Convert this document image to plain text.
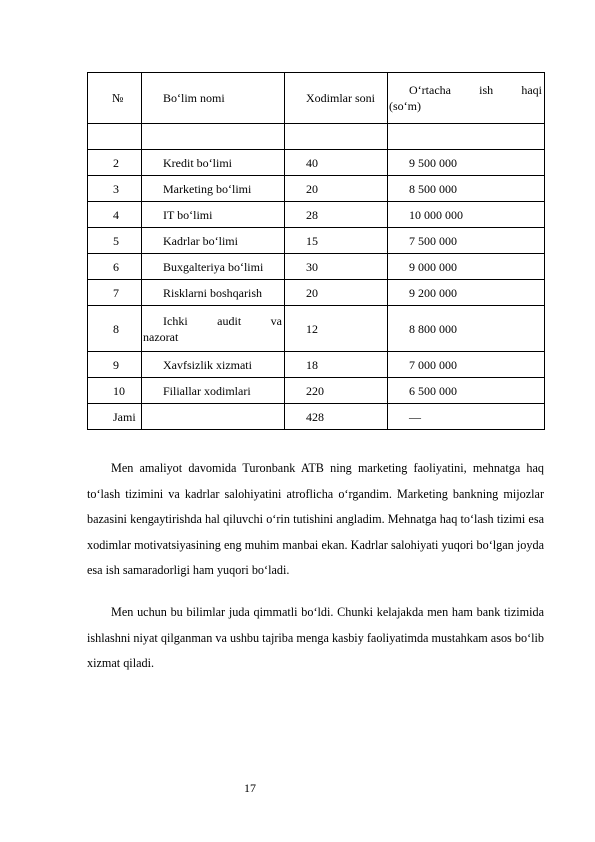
№	Bo‘lim nomi	Xodimlar soni	O‘rtacha ish haqi
(so‘m)

2	Kredit bo‘limi	40	9 500 000
3	Marketing bo‘limi	20	8 500 000
4	IT bo‘limi	28	10 000 000
5	Kadrlar bo‘limi	15	7 500 000
6	Buxgalteriya bo‘limi	30	9 000 000
7	Risklarni boshqarish	20	9 200 000
8	Ichki audit va
nazorat	12	8 800 000
9	Xavfsizlik xizmati	18	7 000 000
10	Filiallar xodimlari	220	6 500 000
Jami		428	—

Men amaliyot davomida Turonbank ATB ning marketing faoliyatini, mehnatga haq to‘lash tizimini va kadrlar salohiyatini atroflicha o‘rgandim. Marketing bankning mijozlar bazasini kengaytirishda hal qiluvchi o‘rin tutishini angladim. Mehnatga haq to‘lash tizimi esa xodimlar motivatsiyasining eng muhim manbai ekan. Kadrlar salohiyati yuqori bo‘lgan joyda esa ish samaradorligi ham yuqori bo‘ladi.

Men uchun bu bilimlar juda qimmatli bo‘ldi. Chunki kelajakda men ham bank tizimida ishlashni niyat qilganman va ushbu tajriba menga kasbiy faoliyatimda mustahkam asos bo‘lib xizmat qiladi.

17
